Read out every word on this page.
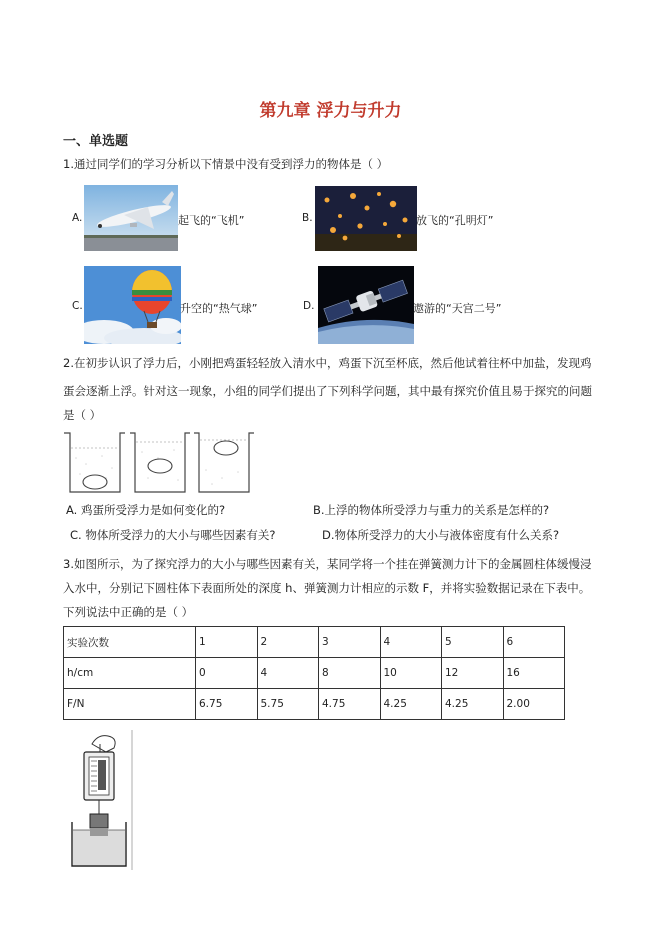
第九章 浮力与升力
一、单选题
1.通过同学们的学习分析以下情景中没有受到浮力的物体是（ ）
A.	起飞的“飞机”	B.	放飞的“孔明灯”
C.	升空的“热气球”	D.	遨游的“天宫二号”
2.在初步认识了浮力后，小刚把鸡蛋轻轻放入清水中，鸡蛋下沉至杯底，然后他试着往杯中加盐，发现鸡
蛋会逐渐上浮。针对这一现象，小组的同学们提出了下列科学问题，其中最有探究价值且易于探究的问题
是（ ）
A. 鸡蛋所受浮力是如何变化的?	B.上浮的物体所受浮力与重力的关系是怎样的?
C. 物体所受浮力的大小与哪些因素有关?	D.物体所受浮力的大小与液体密度有什么关系?
3.如图所示，为了探究浮力的大小与哪些因素有关，某同学将一个挂在弹簧测力计下的金属圆柱体缓慢浸
入水中，分别记下圆柱体下表面所处的深度 h、弹簧测力计相应的示数 F，并将实验数据记录在下表中。
下列说法中正确的是（ ）
实验次数	1	2	3	4	5	6
h/cm	0	4	8	10	12	16
F/N	6.75	5.75	4.75	4.25	4.25	2.00
